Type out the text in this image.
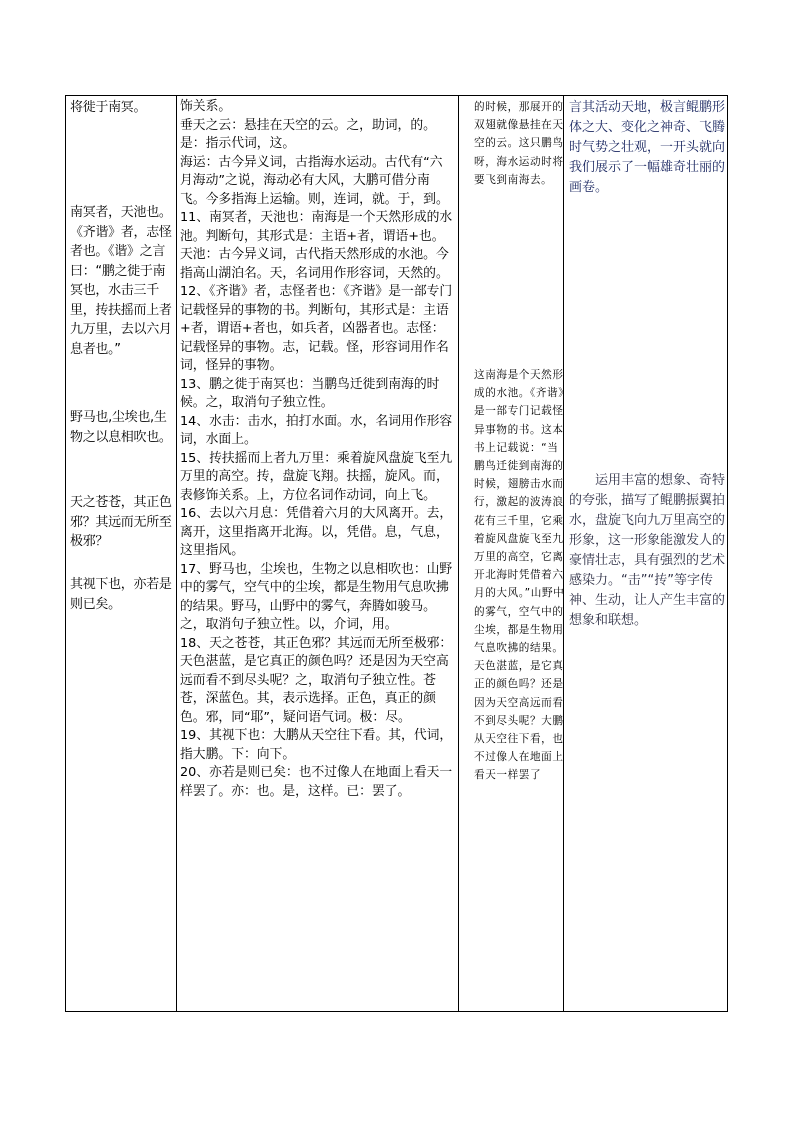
将徙于南冥。

南冥者，天池也。《齐谐》者，志怪者也。《谐》之言曰：“鹏之徙于南冥也，水击三千里，抟扶摇而上者九万里，去以六月息者也。”

野马也,尘埃也,生物之以息相吹也。

天之苍苍，其正色邪？其远而无所至极邪？

其视下也，亦若是则已矣。

饰关系。

垂天之云：悬挂在天空的云。之，助词，的。是：指示代词，这。

海运：古今异义词，古指海水运动。古代有“六月海动”之说，海动必有大风，大鹏可借分南飞。今多指海上运输。则，连词，就。于，到。

11、南冥者，天池也：南海是一个天然形成的水池。判断句，其形式是：主语+者，谓语+也。天池：古今异义词，古代指天然形成的水池。今指高山湖泊名。天，名词用作形容词，天然的。

12、《齐谐》者，志怪者也：《齐谐》是一部专门记载怪异的事物的书。判断句，其形式是：主语+者，谓语+者也，如兵者，凶器者也。志怪：记载怪异的事物。志，记载。怪，形容词用作名词，怪异的事物。

13、鹏之徙于南冥也：当鹏鸟迁徙到南海的时候。之，取消句子独立性。

14、水击：击水，拍打水面。水，名词用作形容词，水面上。

15、抟扶摇而上者九万里：乘着旋风盘旋飞至九万里的高空。抟，盘旋飞翔。扶摇，旋风。而，表修饰关系。上，方位名词作动词，向上飞。

16、去以六月息：凭借着六月的大风离开。去，离开，这里指离开北海。以，凭借。息，气息，这里指风。

17、野马也，尘埃也，生物之以息相吹也：山野中的雾气，空气中的尘埃，都是生物用气息吹拂的结果。野马，山野中的雾气，奔腾如骏马。之，取消句子独立性。以，介词，用。

18、天之苍苍，其正色邪？其远而无所至极邪：天色湛蓝，是它真正的颜色吗？还是因为天空高远而看不到尽头呢？之，取消句子独立性。苍苍，深蓝色。其，表示选择。正色，真正的颜色。邪，同“耶”，疑问语气词。极：尽。

19、其视下也：大鹏从天空往下看。其，代词，指大鹏。下：向下。

20、亦若是则已矣：也不过像人在地面上看天一样罢了。亦：也。是，这样。已：罢了。

的时候，那展开的双翅就像悬挂在天空的云。这只鹏鸟呀，海水运动时将要飞到南海去。

这南海是个天然形成的水池。《齐谐》是一部专门记载怪异事物的书。这本书上记载说：“当鹏鸟迁徙到南海的时候，翅膀击水而行，激起的波涛浪花有三千里，它乘着旋风盘旋飞至九万里的高空，它离开北海时凭借着六月的大风。”山野中的雾气，空气中的尘埃，都是生物用气息吹拂的结果。天色湛蓝，是它真正的颜色吗？还是因为天空高远而看不到尽头呢？大鹏从天空往下看，也不过像人在地面上看天一样罢了

言其活动天地，极言鲲鹏形体之大、变化之神奇、飞腾时气势之壮观，一开头就向我们展示了一幅雄奇壮丽的画卷。

　　运用丰富的想象、奇特的夸张，描写了鲲鹏振翼拍水，盘旋飞向九万里高空的形象，这一形象能激发人的豪情壮志，具有强烈的艺术感染力。“击”“抟”等字传神、生动，让人产生丰富的想象和联想。
